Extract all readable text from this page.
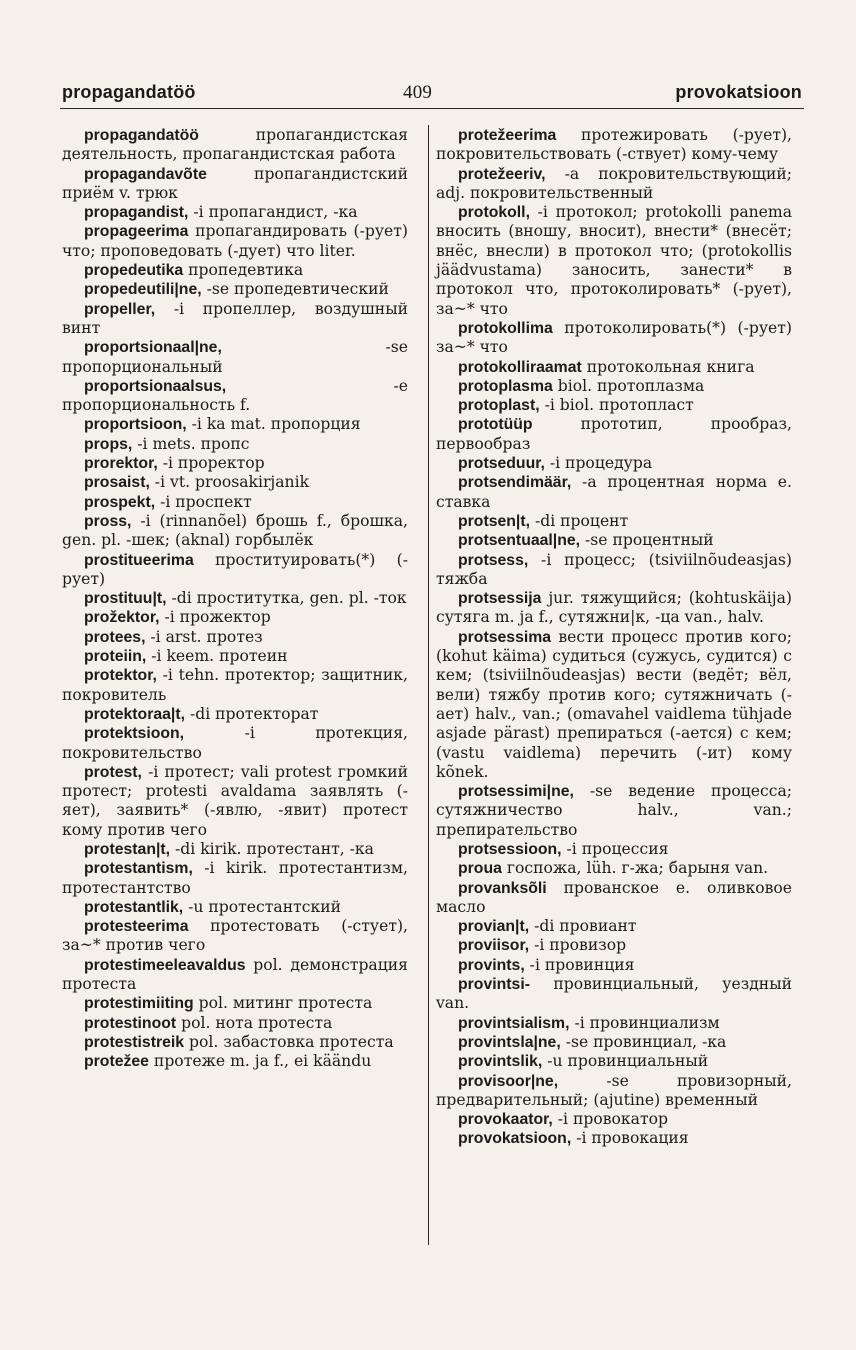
propagandatöö	409	provokatsioon

propagandatöö пропагандистская деятельность, пропагандистская работа

propagandavõte пропагандистский приём v. трюк

propagandist, -i пропагандист, -ка

propageerima пропагандировать (-рует) что; проповедовать (-дует) что liter.

propedeutika пропедевтика

propedeutili|ne, -se пропедевтический

propeller, -i пропеллер, воздушный винт

proportsionaal|ne, -se пропорциональный

proportsionaalsus, -e пропорциональность f.

proportsioon, -i ka mat. пропорция

props, -i mets. пропс

prorektor, -i проректор

prosaist, -i vt. proosakirjanik

prospekt, -i проспект

pross, -i (rinnanõel) брошь f., брошка, gen. pl. -шек; (aknal) горбылёк

prostitueerima проституировать(*) (-рует)

prostituu|t, -di проститутка, gen. pl. -ток

prožektor, -i прожектор

protees, -i arst. протез

proteiin, -i keem. протеин

protektor, -i tehn. протектор; защитник, покровитель

protektoraa|t, -di протекторат

protektsioon, -i протекция, покровительство

protest, -i протест; vali protest громкий протест; protesti avaldama заявлять (-яет), заявить* (-явлю, -явит) протест кому против чего

protestan|t, -di kirik. протестант, -ка

protestantism, -i kirik. протестантизм, протестантство

protestantlik, -u протестантский

protesteerima протестовать (-стует), за~* против чего

protestimeeleavaldus pol. демонстрация протеста

protestimiiting pol. митинг протеста

protestinoot pol. нота протеста

protestistreik pol. забастовка протеста

protežee протеже m. ja f., ei käändu

protežeerima протежировать (-рует), покровительствовать (-ствует) кому-чему

protežeeriv, -a покровительствующий; adj. покровительственный

protokoll, -i протокол; protokolli panema вносить (вношу, вносит), внести* (внесёт; внёс, внесли) в протокол что; (protokollis jäädvustama) заносить, занести* в протокол что, протоколировать* (-рует), за~* что

protokollima протоколировать(*) (-рует) за~* что

protokolliraamat протокольная книга

protoplasma biol. протоплазма

protoplast, -i biol. протопласт

prototüüp прототип, прообраз, первообраз

protseduur, -i процедура

protsendimäär, -a процентная норма e. ставка

protsen|t, -di процент

protsentuaal|ne, -se процентный

protsess, -i процесс; (tsiviilnõudeasjas) тяжба

protsessija jur. тяжущийся; (kohtuskäija) сутяга m. ja f., сутяжни|к, -ца van., halv.

protsessima вести процесс против кого; (kohut käima) судиться (сужусь, судится) с кем; (tsiviilnõudeasjas) вести (ведёт; вёл, вели) тяжбу против кого; сутяжничать (-ает) halv., van.; (omavahel vaidlema tühjade asjade pärast) препираться (-ается) с кем; (vastu vaidlema) перечить (-ит) кому kõnek.

protsessimi|ne, -se ведение процесса; сутяжничество halv., van.; препирательство

protsessioon, -i процессия

proua госпожа, lüh. г-жа; барыня van.

provanksõli прованское e. оливковое масло

provian|t, -di провиант

proviisor, -i провизор

provints, -i провинция

provintsi- провинциальный, уездный van.

provintsialism, -i провинциализм

provintsla|ne, -se провинциал, -ка

provintslik, -u провинциальный

provisoor|ne, -se провизорный, предварительный; (ajutine) временный

provokaator, -i провокатор

provokatsioon, -i провокация
